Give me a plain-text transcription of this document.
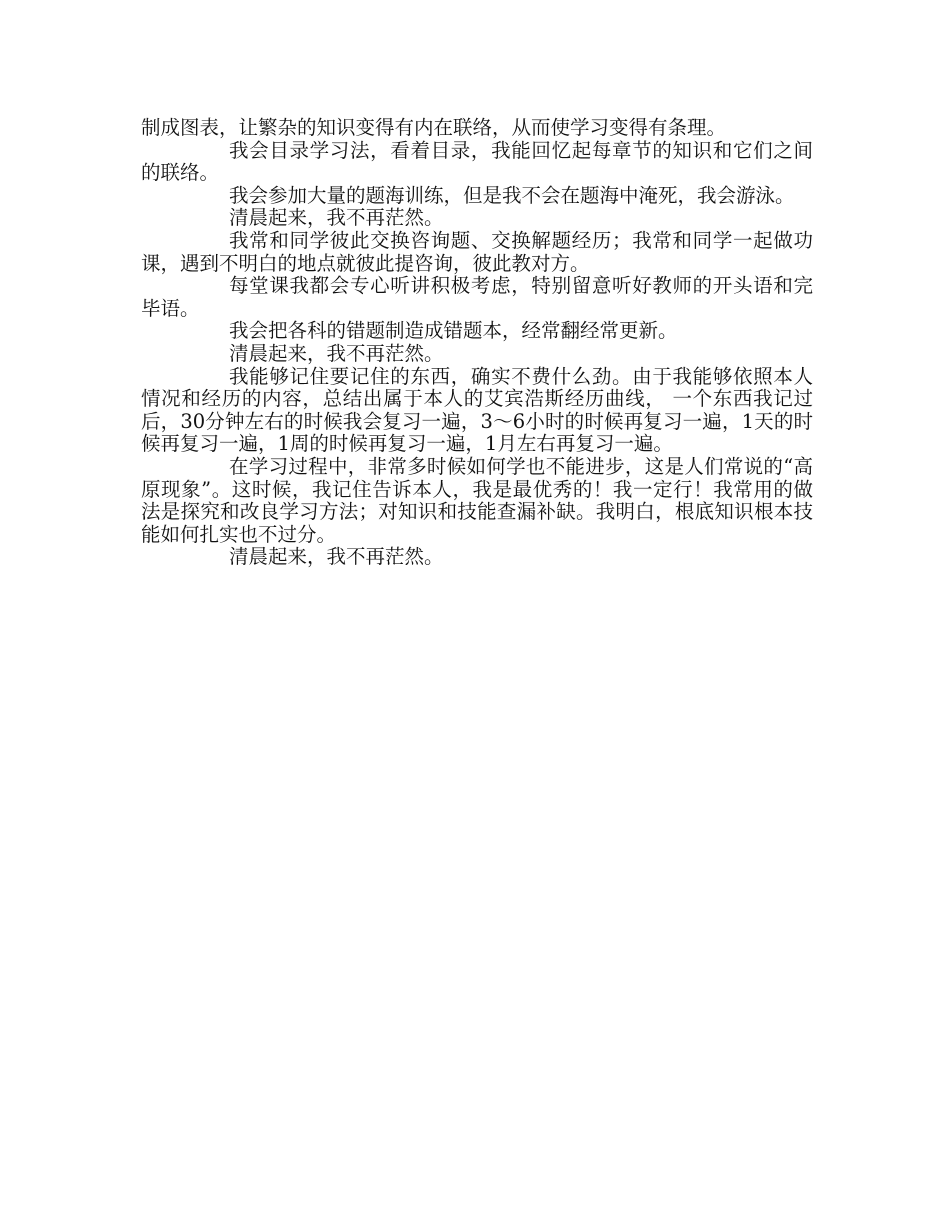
制成图表，让繁杂的知识变得有内在联络，从而使学习变得有条理。

我会目录学习法，看着目录，我能回忆起每章节的知识和它们之间的联络。

我会参加大量的题海训练，但是我不会在题海中淹死，我会游泳。

清晨起来，我不再茫然。

我常和同学彼此交换咨询题、交换解题经历；我常和同学一起做功课，遇到不明白的地点就彼此提咨询，彼此教对方。

每堂课我都会专心听讲积极考虑，特别留意听好教师的开头语和完毕语。

我会把各科的错题制造成错题本，经常翻经常更新。

清晨起来，我不再茫然。

我能够记住要记住的东西，确实不费什么劲。由于我能够依照本人情况和经历的内容，总结出属于本人的艾宾浩斯经历曲线， 一个东西我记过后，30分钟左右的时候我会复习一遍，3～6小时的时候再复习一遍，1天的时候再复习一遍，1周的时候再复习一遍，1月左右再复习一遍。

在学习过程中，非常多时候如何学也不能进步，这是人们常说的“高原现象”。这时候，我记住告诉本人，我是最优秀的！我一定行！我常用的做法是探究和改良学习方法；对知识和技能查漏补缺。我明白，根底知识根本技能如何扎实也不过分。

清晨起来，我不再茫然。
